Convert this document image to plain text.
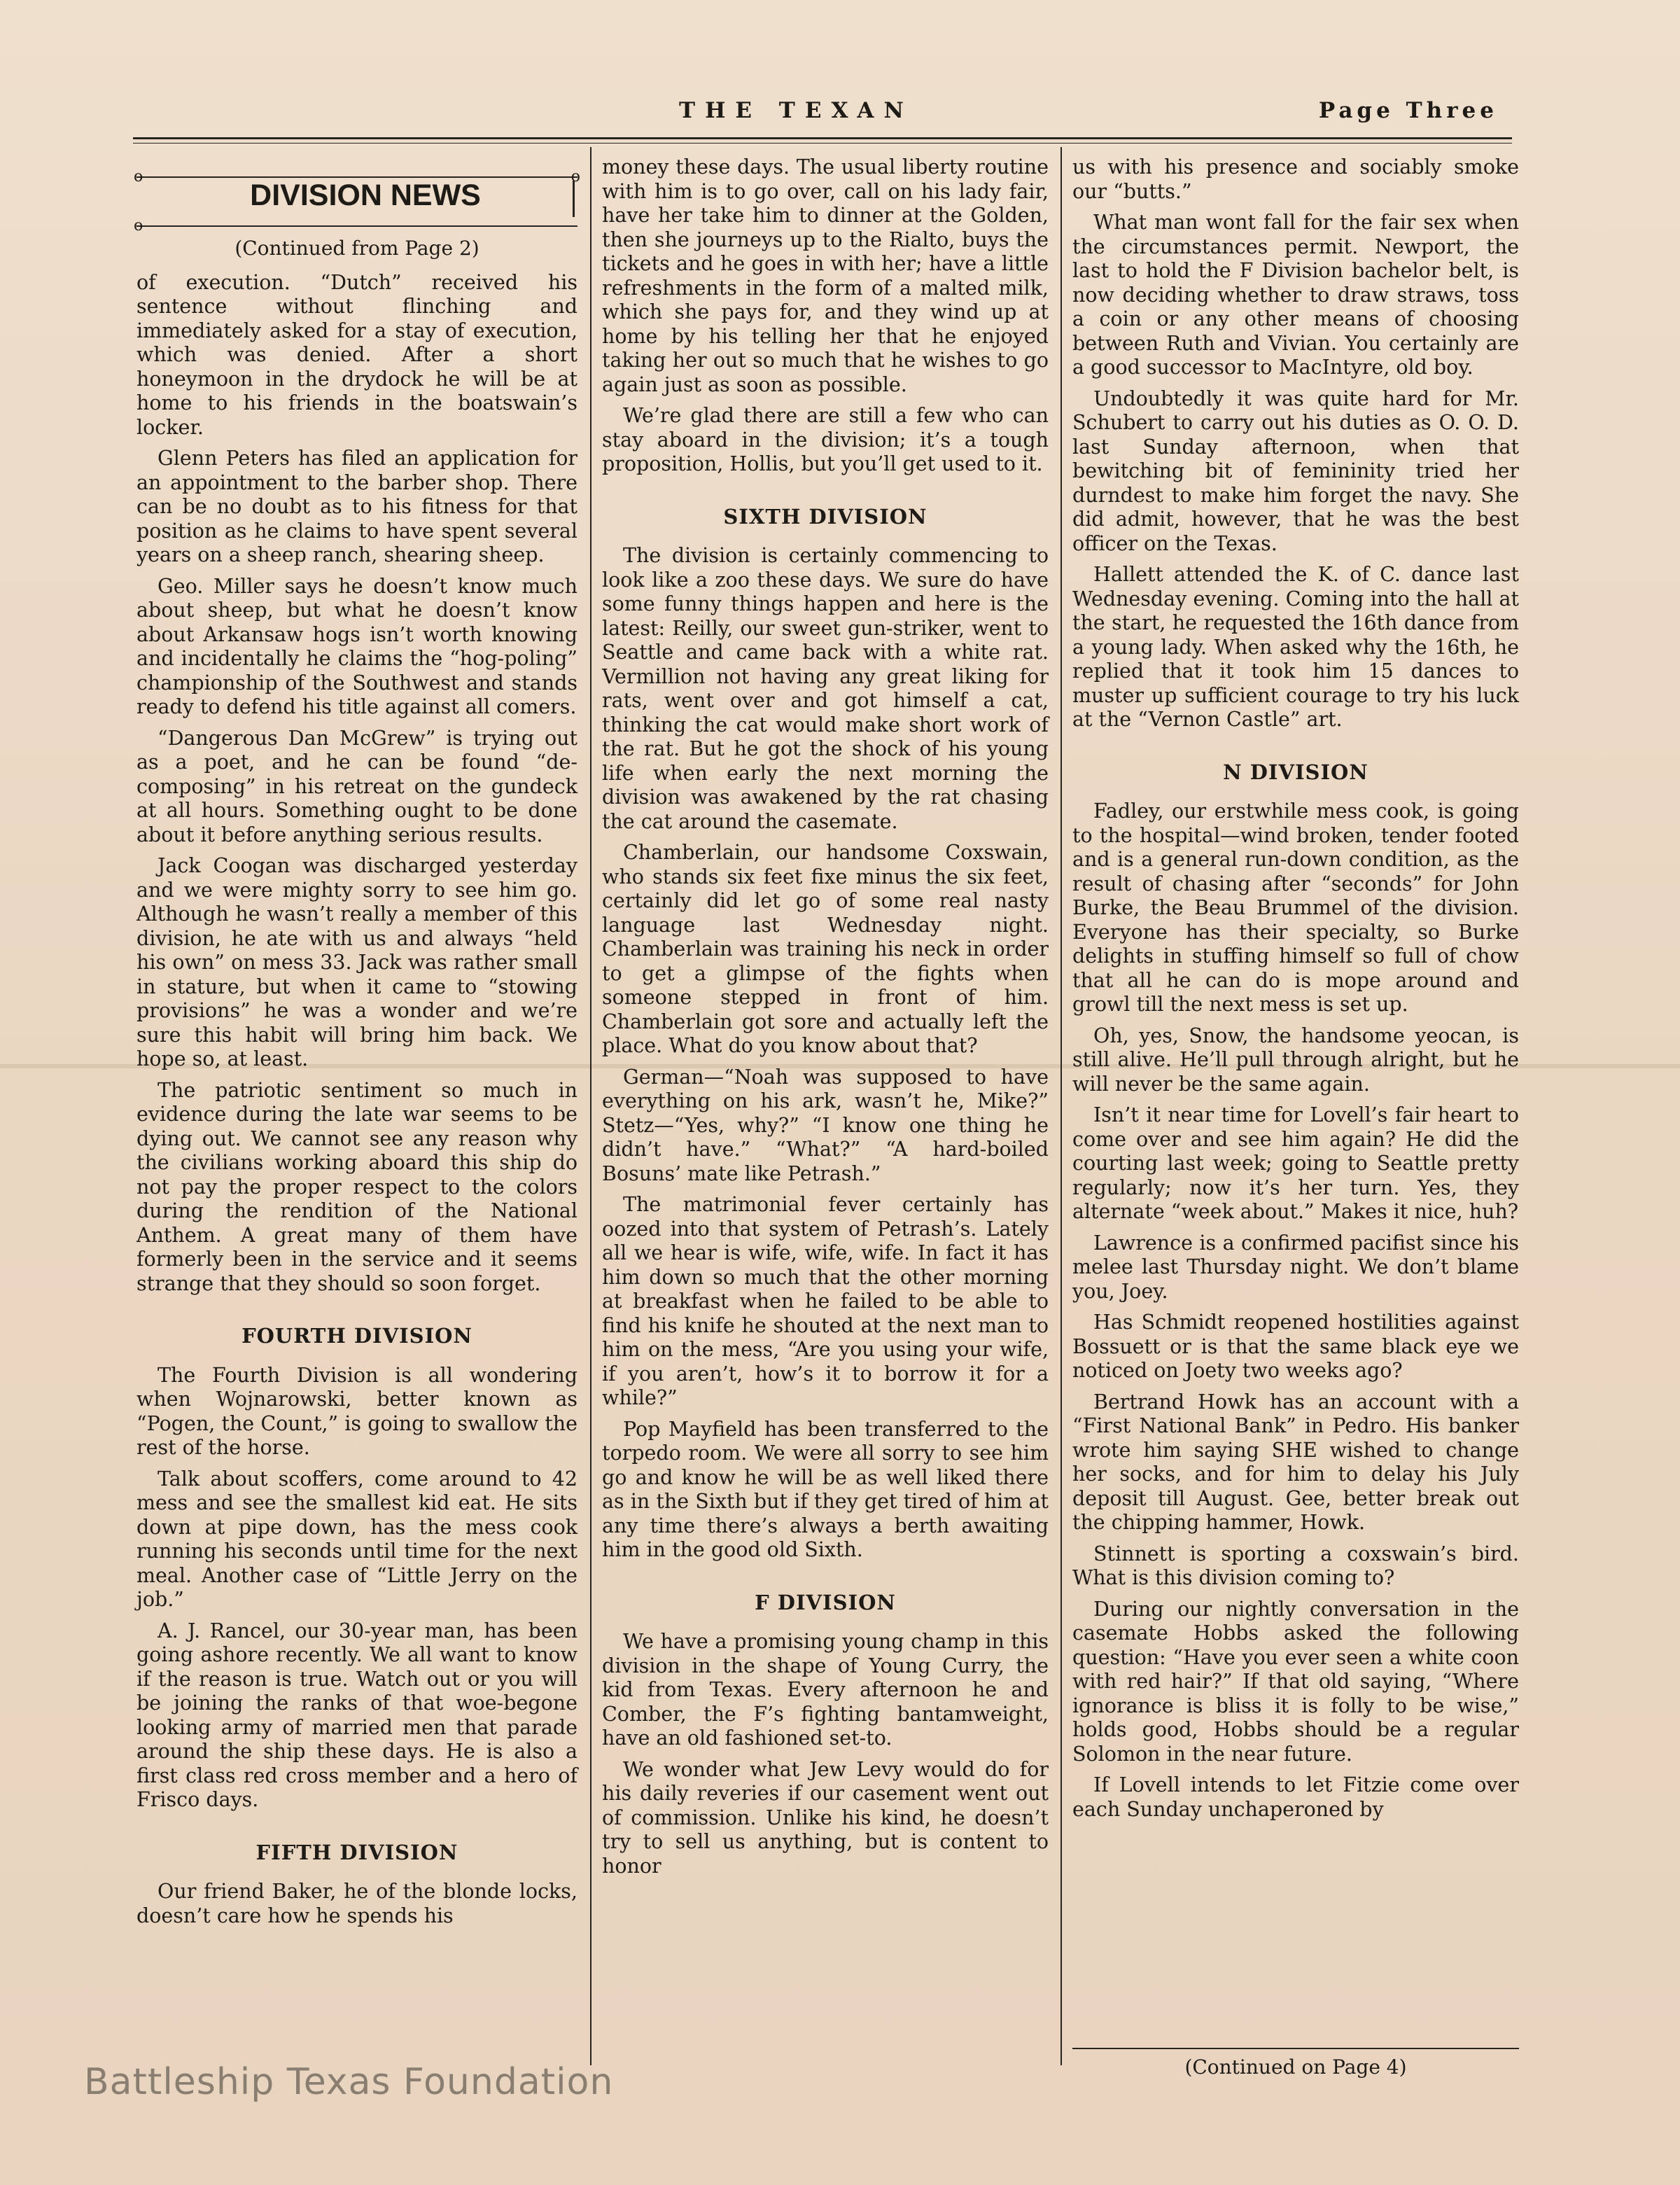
THE TEXAN	Page Three
o	o
o
DIVISION NEWS
(Continued from Page 2)

of execution. “Dutch” received his sentence without flinching and immediately asked for a stay of execution, which was denied. After a short honeymoon in the drydock he will be at home to his friends in the boatswain’s locker.

Glenn Peters has filed an application for an appointment to the barber shop. There can be no doubt as to his fitness for that position as he claims to have spent several years on a sheep ranch, shearing sheep.

Geo. Miller says he doesn’t know much about sheep, but what he doesn’t know about Arkansaw hogs isn’t worth knowing and incidentally he claims the “hog-poling” championship of the Southwest and stands ready to defend his title against all comers.

“Dangerous Dan McGrew” is trying out as a poet, and he can be found “de-composing” in his retreat on the gundeck at all hours. Something ought to be done about it before anything serious results.

Jack Coogan was discharged yesterday and we were mighty sorry to see him go. Although he wasn’t really a member of this division, he ate with us and always “held his own” on mess 33. Jack was rather small in stature, but when it came to “stowing provisions” he was a wonder and we’re sure this habit will bring him back. We hope so, at least.

The patriotic sentiment so much in evidence during the late war seems to be dying out. We cannot see any reason why the civilians working aboard this ship do not pay the proper respect to the colors during the rendition of the National Anthem. A great many of them have formerly been in the service and it seems strange that they should so soon forget.

FOURTH DIVISION

The Fourth Division is all wondering when Wojnarowski, better known as “Pogen, the Count,” is going to swallow the rest of the horse.

Talk about scoffers, come around to 42 mess and see the smallest kid eat. He sits down at pipe down, has the mess cook running his seconds until time for the next meal. Another case of “Little Jerry on the job.”

A. J. Rancel, our 30-year man, has been going ashore recently. We all want to know if the reason is true. Watch out or you will be joining the ranks of that woe-begone looking army of married men that parade around the ship these days. He is also a first class red cross member and a hero of Frisco days.

FIFTH DIVISION

Our friend Baker, he of the blonde locks, doesn’t care how he spends his

money these days. The usual liberty routine with him is to go over, call on his lady fair, have her take him to dinner at the Golden, then she journeys up to the Rialto, buys the tickets and he goes in with her; have a little refreshments in the form of a malted milk, which she pays for, and they wind up at home by his telling her that he enjoyed taking her out so much that he wishes to go again just as soon as possible.

We’re glad there are still a few who can stay aboard in the division; it’s a tough proposition, Hollis, but you’ll get used to it.

SIXTH DIVISION

The division is certainly commencing to look like a zoo these days. We sure do have some funny things happen and here is the latest: Reilly, our sweet gun-striker, went to Seattle and came back with a white rat. Vermillion not having any great liking for rats, went over and got himself a cat, thinking the cat would make short work of the rat. But he got the shock of his young life when early the next morning the division was awakened by the rat chasing the cat around the casemate.

Chamberlain, our handsome Coxswain, who stands six feet fixe minus the six feet, certainly did let go of some real nasty language last Wednesday night. Chamberlain was training his neck in order to get a glimpse of the fights when someone stepped in front of him. Chamberlain got sore and actually left the place. What do you know about that?

German—“Noah was supposed to have everything on his ark, wasn’t he, Mike?” Stetz—“Yes, why?” “I know one thing he didn’t have.” “What?” “A hard-boiled Bosuns’ mate like Petrash.”

The matrimonial fever certainly has oozed into that system of Petrash’s. Lately all we hear is wife, wife, wife. In fact it has him down so much that the other morning at breakfast when he failed to be able to find his knife he shouted at the next man to him on the mess, “Are you using your wife, if you aren’t, how’s it to borrow it for a while?”

Pop Mayfield has been transferred to the torpedo room. We were all sorry to see him go and know he will be as well liked there as in the Sixth but if they get tired of him at any time there’s always a berth awaiting him in the good old Sixth.

F DIVISION

We have a promising young champ in this division in the shape of Young Curry, the kid from Texas. Every afternoon he and Comber, the F’s fighting bantamweight, have an old fashioned set-to.

We wonder what Jew Levy would do for his daily reveries if our casement went out of commission. Unlike his kind, he doesn’t try to sell us anything, but is content to honor

us with his presence and sociably smoke our “butts.”

What man wont fall for the fair sex when the circumstances permit. Newport, the last to hold the F Division bachelor belt, is now deciding whether to draw straws, toss a coin or any other means of choosing between Ruth and Vivian. You certainly are a good successor to MacIntyre, old boy.

Undoubtedly it was quite hard for Mr. Schubert to carry out his duties as O. O. D. last Sunday afternoon, when that bewitching bit of femininity tried her durndest to make him forget the navy. She did admit, however, that he was the best officer on the Texas.

Hallett attended the K. of C. dance last Wednesday evening. Coming into the hall at the start, he requested the 16th dance from a young lady. When asked why the 16th, he replied that it took him 15 dances to muster up sufficient courage to try his luck at the “Vernon Castle” art.

N DIVISION

Fadley, our erstwhile mess cook, is going to the hospital—wind broken, tender footed and is a general run-down condition, as the result of chasing after “seconds” for John Burke, the Beau Brummel of the division. Everyone has their specialty, so Burke delights in stuffing himself so full of chow that all he can do is mope around and growl till the next mess is set up.

Oh, yes, Snow, the handsome yeocan, is still alive. He’ll pull through alright, but he will never be the same again.

Isn’t it near time for Lovell’s fair heart to come over and see him again? He did the courting last week; going to Seattle pretty regularly; now it’s her turn. Yes, they alternate “week about.” Makes it nice, huh?

Lawrence is a confirmed pacifist since his melee last Thursday night. We don’t blame you, Joey.

Has Schmidt reopened hostilities against Bossuett or is that the same black eye we noticed on Joety two weeks ago?

Bertrand Howk has an account with a “First National Bank” in Pedro. His banker wrote him saying SHE wished to change her socks, and for him to delay his July deposit till August. Gee, better break out the chipping hammer, Howk.

Stinnett is sporting a coxswain’s bird. What is this division coming to?

During our nightly conversation in the casemate Hobbs asked the following question: “Have you ever seen a white coon with red hair?” If that old saying, “Where ignorance is bliss it is folly to be wise,” holds good, Hobbs should be a regular Solomon in the near future.

If Lovell intends to let Fitzie come over each Sunday unchaperoned by

(Continued on Page 4)
Battleship Texas Foundation
